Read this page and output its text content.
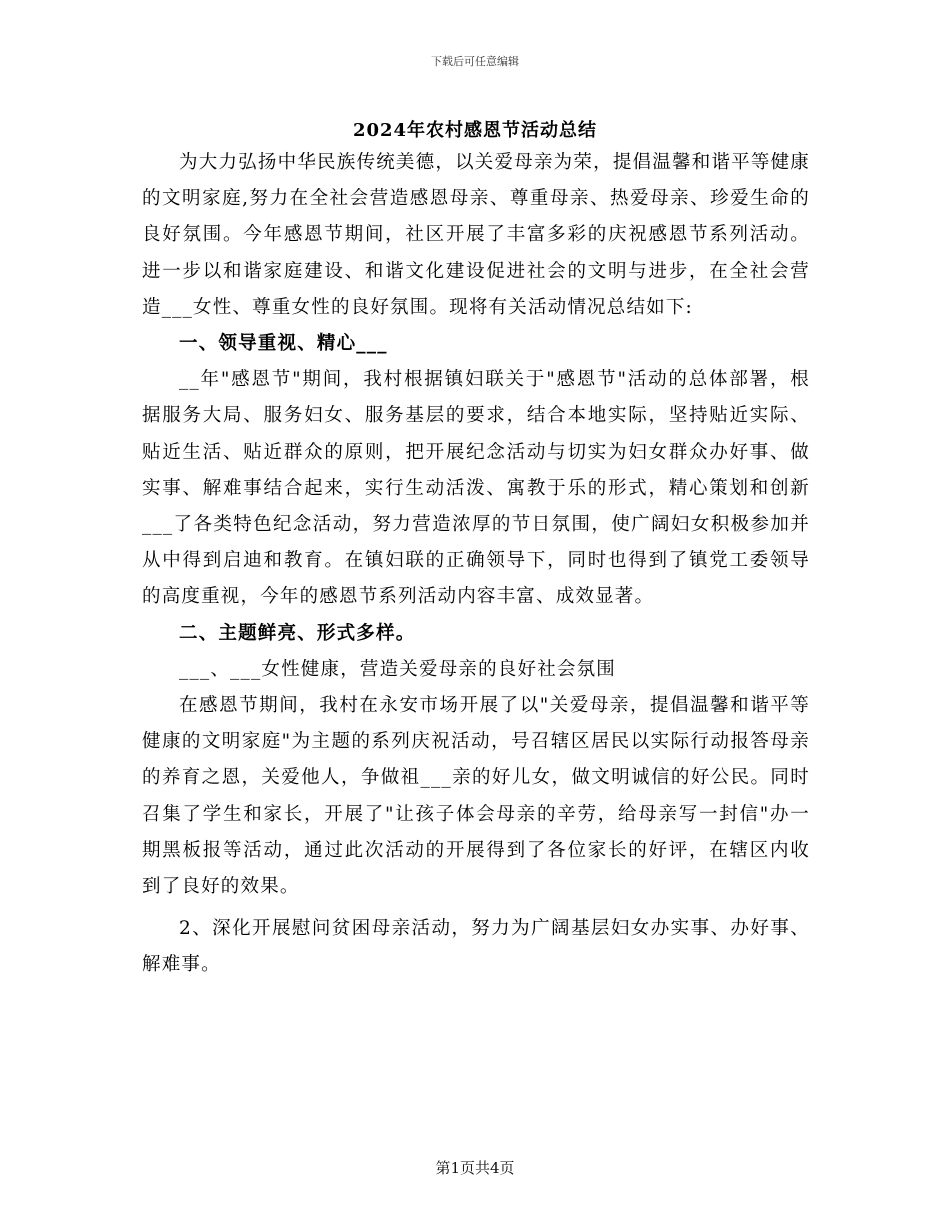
下载后可任意编辑
2024年农村感恩节活动总结

为大力弘扬中华民族传统美德，以关爱母亲为荣，提倡温馨和谐平等健康的文明家庭,努力在全社会营造感恩母亲、尊重母亲、热爱母亲、珍爱生命的良好氛围。今年感恩节期间，社区开展了丰富多彩的庆祝感恩节系列活动。进一步以和谐家庭建设、和谐文化建设促进社会的文明与进步，在全社会营造___女性、尊重女性的良好氛围。现将有关活动情况总结如下:

一、领导重视、精心___

__年"感恩节"期间，我村根据镇妇联关于"感恩节"活动的总体部署，根据服务大局、服务妇女、服务基层的要求，结合本地实际，坚持贴近实际、贴近生活、贴近群众的原则，把开展纪念活动与切实为妇女群众办好事、做实事、解难事结合起来，实行生动活泼、寓教于乐的形式，精心策划和创新___了各类特色纪念活动，努力营造浓厚的节日氛围，使广阔妇女积极参加并从中得到启迪和教育。在镇妇联的正确领导下，同时也得到了镇党工委领导的高度重视，今年的感恩节系列活动内容丰富、成效显著。

二、主题鲜亮、形式多样。

___、___女性健康，营造关爱母亲的良好社会氛围

在感恩节期间，我村在永安市场开展了以"关爱母亲，提倡温馨和谐平等健康的文明家庭"为主题的系列庆祝活动，号召辖区居民以实际行动报答母亲的养育之恩，关爱他人，争做祖___亲的好儿女，做文明诚信的好公民。同时召集了学生和家长，开展了"让孩子体会母亲的辛劳，给母亲写一封信"办一期黑板报等活动，通过此次活动的开展得到了各位家长的好评，在辖区内收到了良好的效果。

2、深化开展慰问贫困母亲活动，努力为广阔基层妇女办实事、办好事、解难事。

第1页共4页
